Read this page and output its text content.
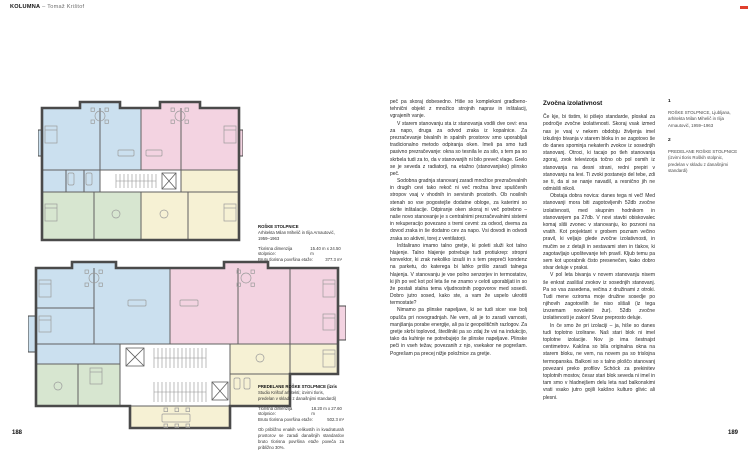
KOLUMNA – Tomaž Krištof
ROŠKE STOLPNICE
Arhitekta Milan Mihelič in Ilija Arnautović,
1959–1963
Tlorisna dimenzija stolpnice:
15.40 m x 24.50 m
Bruto tlorisna površina etaže:	377.3 m²
PREDELANE ROŠKE STOLPNICE (izris
Studio Krištof arhitekti; izvirni tloris,
predelan v skladu z današnjimi standardi)
Tlorisna dimenzija stolpnice:
18.20 m x 27.60 m
Bruto tlorisna površina etaže:	502.3 m²
Ob približno enakih velikostih in kvadraturah prostorov se zaradi današnjih standardov bruto tlorisna površina etaže poveča za približno 30%.
188

peč pa skoraj dobesedno. Hiše so kompleksni gradbeno-tehnični objekt z množico strojnih naprav in inštalacij, vgrajenih vanje.

V starem stanovanju sta iz stanovanja vodili dve cevi: ena za napo, druga za odvod zraka iz kopalnice. Za prezračevanje bivalnih in spalnih prostorov smo uporabljali tradicionalno metodo odpiranja oken. Imeli pa smo tudi pasivno prezračevanje: okna so tesnila le za silo, s tem pa so skrbela tudi za to, da v stanovanjih ni bilo preveč vlage. Grelo se je seveda z radiatorji, na etažno (stanovanjsko) plinsko peč.

Sodobna gradnja stanovanj zaradi množice prezračevalnih in drugih cevi tako rekoč ni več možna brez spuščenih stropov vsaj v vhodnih in servisnih prostorih. Ob nosilnih stenah so vse pogostejše dodatne obloge, za katerimi so skrite inštalacije. Odpiranje oken skoraj ni več potrebno – naše novo stanovanje je s centralnimi prezračevalnimi sistemi in rekuperacijo povezano s tremi cevmi: za odvod, dvema za dovod zraka in še dodatno cev za napo. Vsi dovodi in odvodi zraka so aktivni, torej z ventilatorji.

Inštalirano imamo talno gretje, ki poleti služi kot talno hlajenje. Talno hlajenje potrebuje tudi protiukrep: stropni konvektor, ki zrak nekoliko izsuši in s tem prepreči kondenz na parketu, do katerega bi lahko prišlo zaradi talnega hlajenja. V stanovanju je vse polno senzorjev in termostatov, ki jih po več kot pol leta še ne znamo v celoti uporabljati in so že postali stalna tema vljudnostnih pogovorov med sosedi. Dobro jutro sosed, kako ste, a vam že uspelo ukrotiti termostate?

Nimamo pa plinske napeljave, ki se tudi sicer vse bolj opušča pri novogradnjah. Ne vem, ali je to zaradi varnosti, manjšanja porabe energije, ali pa iz geopolitičnih razlogov. Za gretje skrbi toplovod, štedilniki pa so zdaj že vsi na indukcijo, tako da kuhinje ne potrebujejo še plinske napeljave. Plinske peči in vseh težav, povezanih z njo, vsekakor ne pogrešam. Pogrešam pa precej nižje položnice za gretje.

Zvočna izolativnost

Če kje, bi tistim, ki pišejo standarde, ploskal za področje zvočne izolativnosti. Skoraj vsak izmed nas je vsaj v nekem obdobju življenja imel izkušnjo bivanja v starem bloku in se zagotovo še do danes spominja nekaterih zvokov iz sosednjih stanovanj. Otroci, ki tacajo po tleh stanovanja zgoraj, zvok televizorja točno ob pol osmih iz stanovanja na desni strani, redni prepiri v stanovanju na levi. Ti zvoki postanejo del tebe, zdi se ti, da si se nanje navadil, a resnično jih ne odmisliš nikoli.

Obstaja dobra novica: danes tega ni več! Med stanovanji mora biti zagotovljenih 52db zvočne izolativnosti, med skupnim hodnikom in stanovanjem pa 27db. V novi stavbi obiskovalec komaj sliši zvonec v stanovanju, ko pozvoni na vratih. Kot projektant v grobem poznam večino pravil, ki veljajo glede zvočne izolativnosti, in mučim se z detajli in sestavami sten in tlakov, ki zagotavljajo upoštevanje teh pravil. Kljub temu pa sem kot uporabnik čisto presenečen, kako dobro stvar deluje v praksi.

V pol leta bivanja v novem stanovanju nisem še enkrat zaslišal zvokov iz sosednjih stanovanj. Pa so vsa zasedena, večina z družinami z otroki. Tudi mene oziroma moje družine sosedje po njihovih zagotovilih še niso slišali (iz tega izvzemam novoletni žur). 52db zvočne izolativnosti je zakon! Stvar preprosto deluje.

In če smo že pri izolaciji – ja, hiše so danes tudi toplotno izolirane. Naš stari blok ni imel toplotne izolacije. Nov jo ima šestnajst centimetrov. Kakšna so bila originalna okna na starem bloku, ne vem, na novem pa so trislojna termopanska. Balkoni so s talno ploščo stanovanj povezani preko profilov Schöck za prekinitev toplotnih mostov, česar stari blok seveda ni imel in tam smo v hladnejšem delu leta nad balkonskimi vrati vsako jutro gojili kakšno kulturo glivic ali plesni.

1

ROŠKE STOLPNICE, Ljubljana, arhitekta Milan Mihelič in Ilija Arnautović, 1959–1963

2

PREDELANE ROŠKE STOLPNICE (izvirni tloris Roških stolpnic, predelan v skladu z današnjimi standardi)

189
